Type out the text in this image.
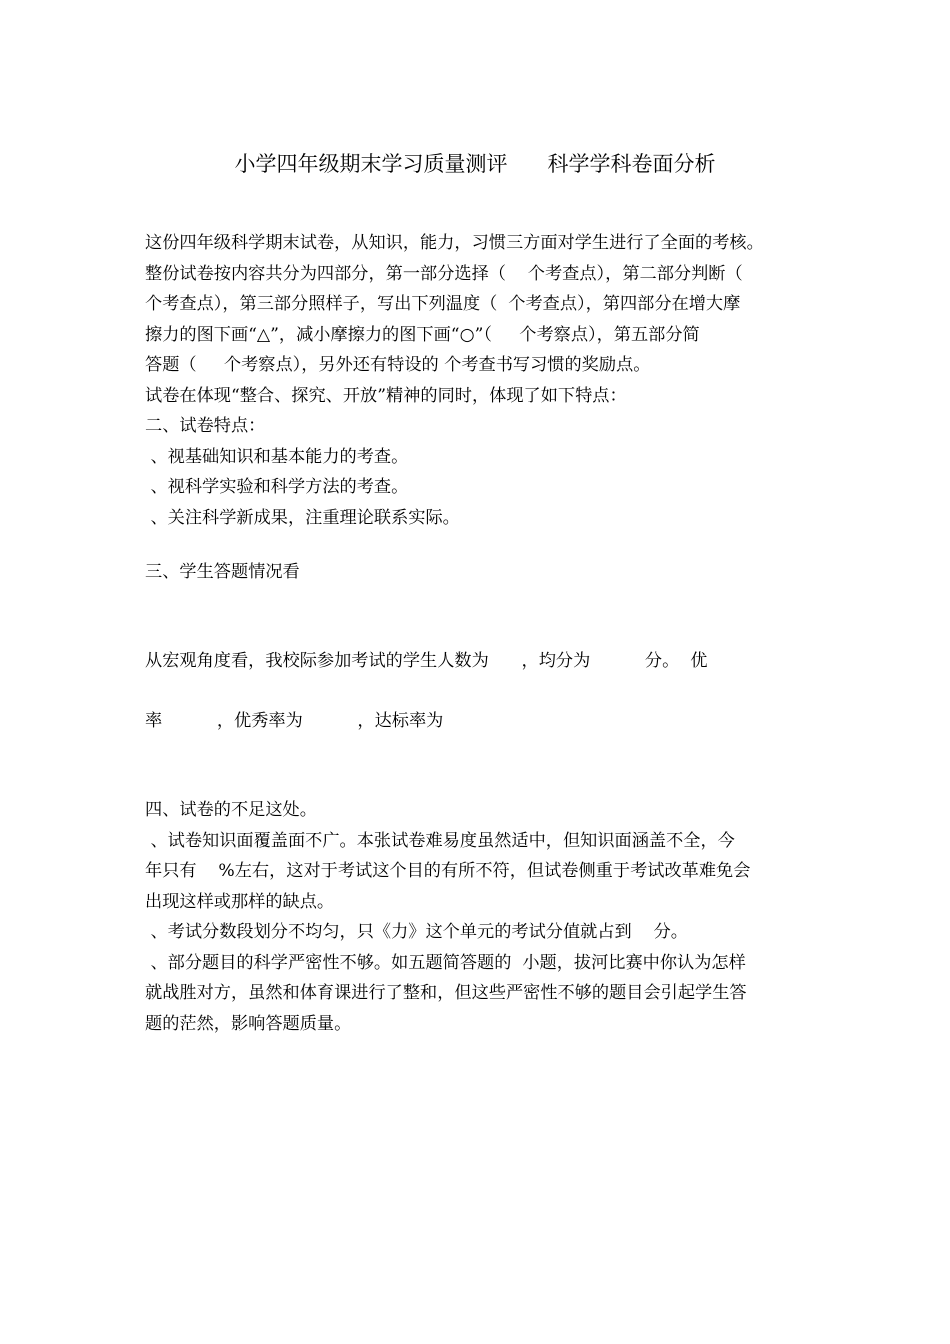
小学四年级期末学习质量测评      科学学科卷面分析
这份四年级科学期末试卷，从知识，能力，习惯三方面对学生进行了全面的考核。
整份试卷按内容共分为四部分，第一部分选择（    个考查点），第二部分判断（
个考查点），第三部分照样子，写出下列温度（  个考查点），第四部分在增大摩
擦力的图下画“△”，减小摩擦力的图下画“○”（     个考察点），第五部分简
答题（     个考察点），另外还有特设的 个考查书写习惯的奖励点。
试卷在体现“整合、探究、开放”精神的同时，体现了如下特点：
二、试卷特点：
、视基础知识和基本能力的考查。
、视科学实验和科学方法的考查。
、关注科学新成果，注重理论联系实际。
三、学生答题情况看
从宏观角度看，我校际参加考试的学生人数为      ，均分为          分。  优
率          ，优秀率为          ，达标率为
四、试卷的不足这处。
、试卷知识面覆盖面不广。本张试卷难易度虽然适中，但知识面涵盖不全，今
年只有    %左右，这对于考试这个目的有所不符，但试卷侧重于考试改革难免会
出现这样或那样的缺点。
、考试分数段划分不均匀，只《力》这个单元的考试分值就占到    分。
、部分题目的科学严密性不够。如五题简答题的  小题，拔河比赛中你认为怎样
就战胜对方，虽然和体育课进行了整和，但这些严密性不够的题目会引起学生答
题的茫然，影响答题质量。
